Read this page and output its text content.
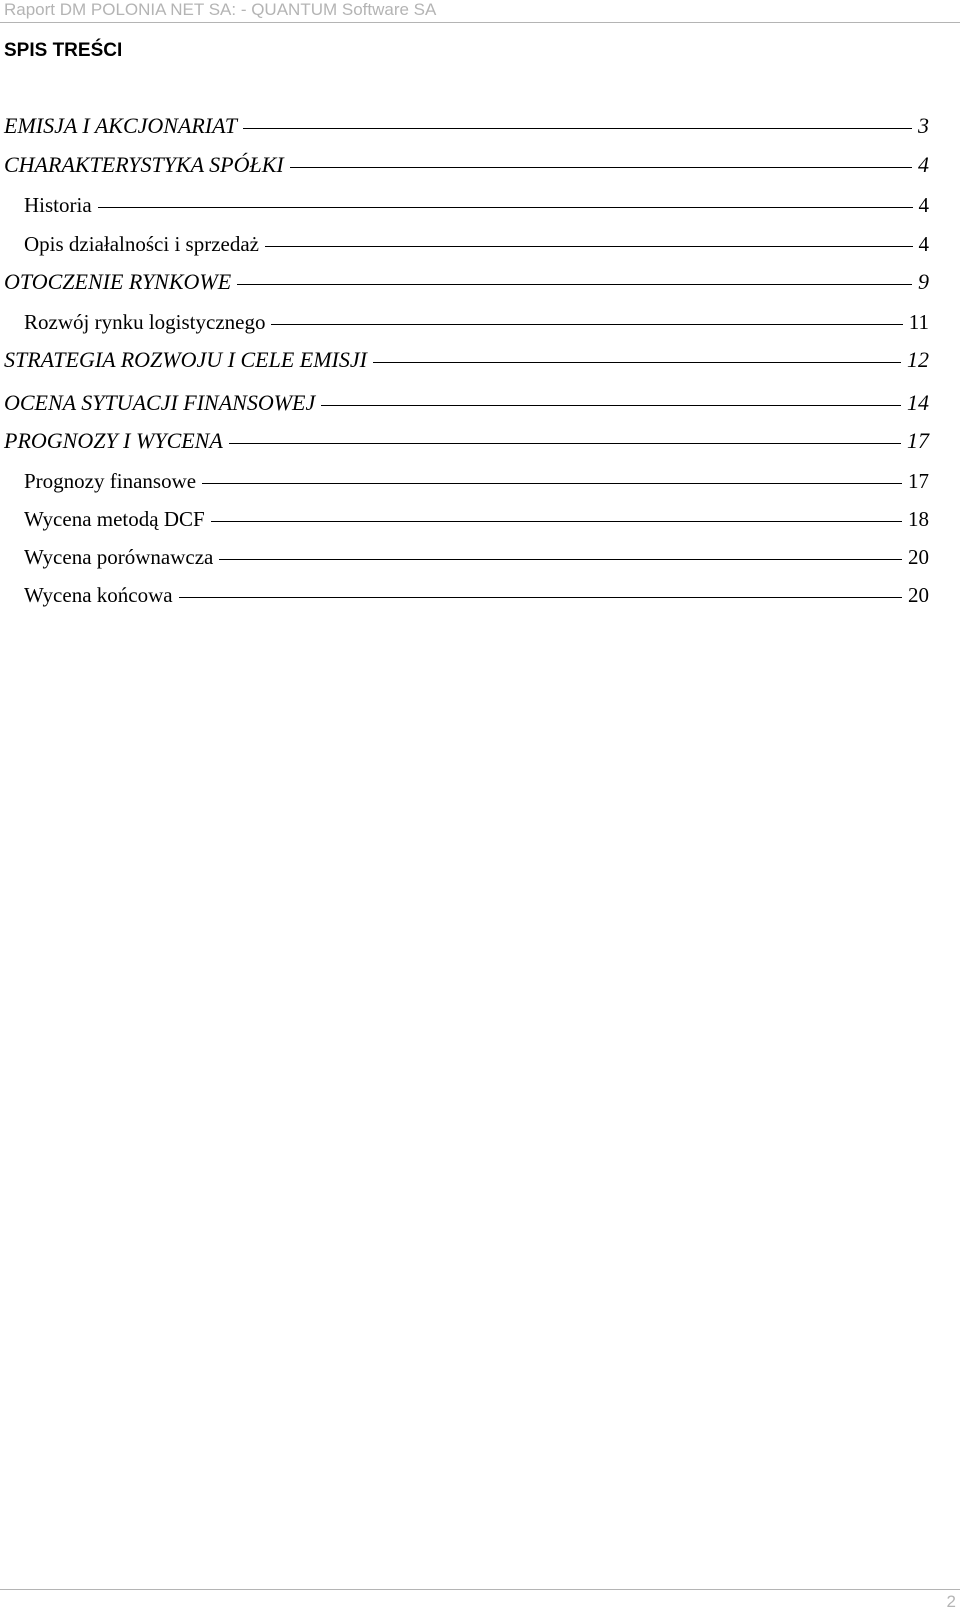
Raport DM POLONIA NET SA: - QUANTUM Software SA
SPIS TREŚCI
EMISJA I AKCJONARIAT	3
CHARAKTERYSTYKA SPÓŁKI	4
Historia	4
Opis działalności i sprzedaż	4
OTOCZENIE RYNKOWE	9
Rozwój rynku logistycznego	11
STRATEGIA ROZWOJU I CELE EMISJI	12
OCENA SYTUACJI FINANSOWEJ	14
PROGNOZY I WYCENA	17
Prognozy finansowe	17
Wycena metodą DCF	18
Wycena porównawcza	20
Wycena końcowa	20
2
